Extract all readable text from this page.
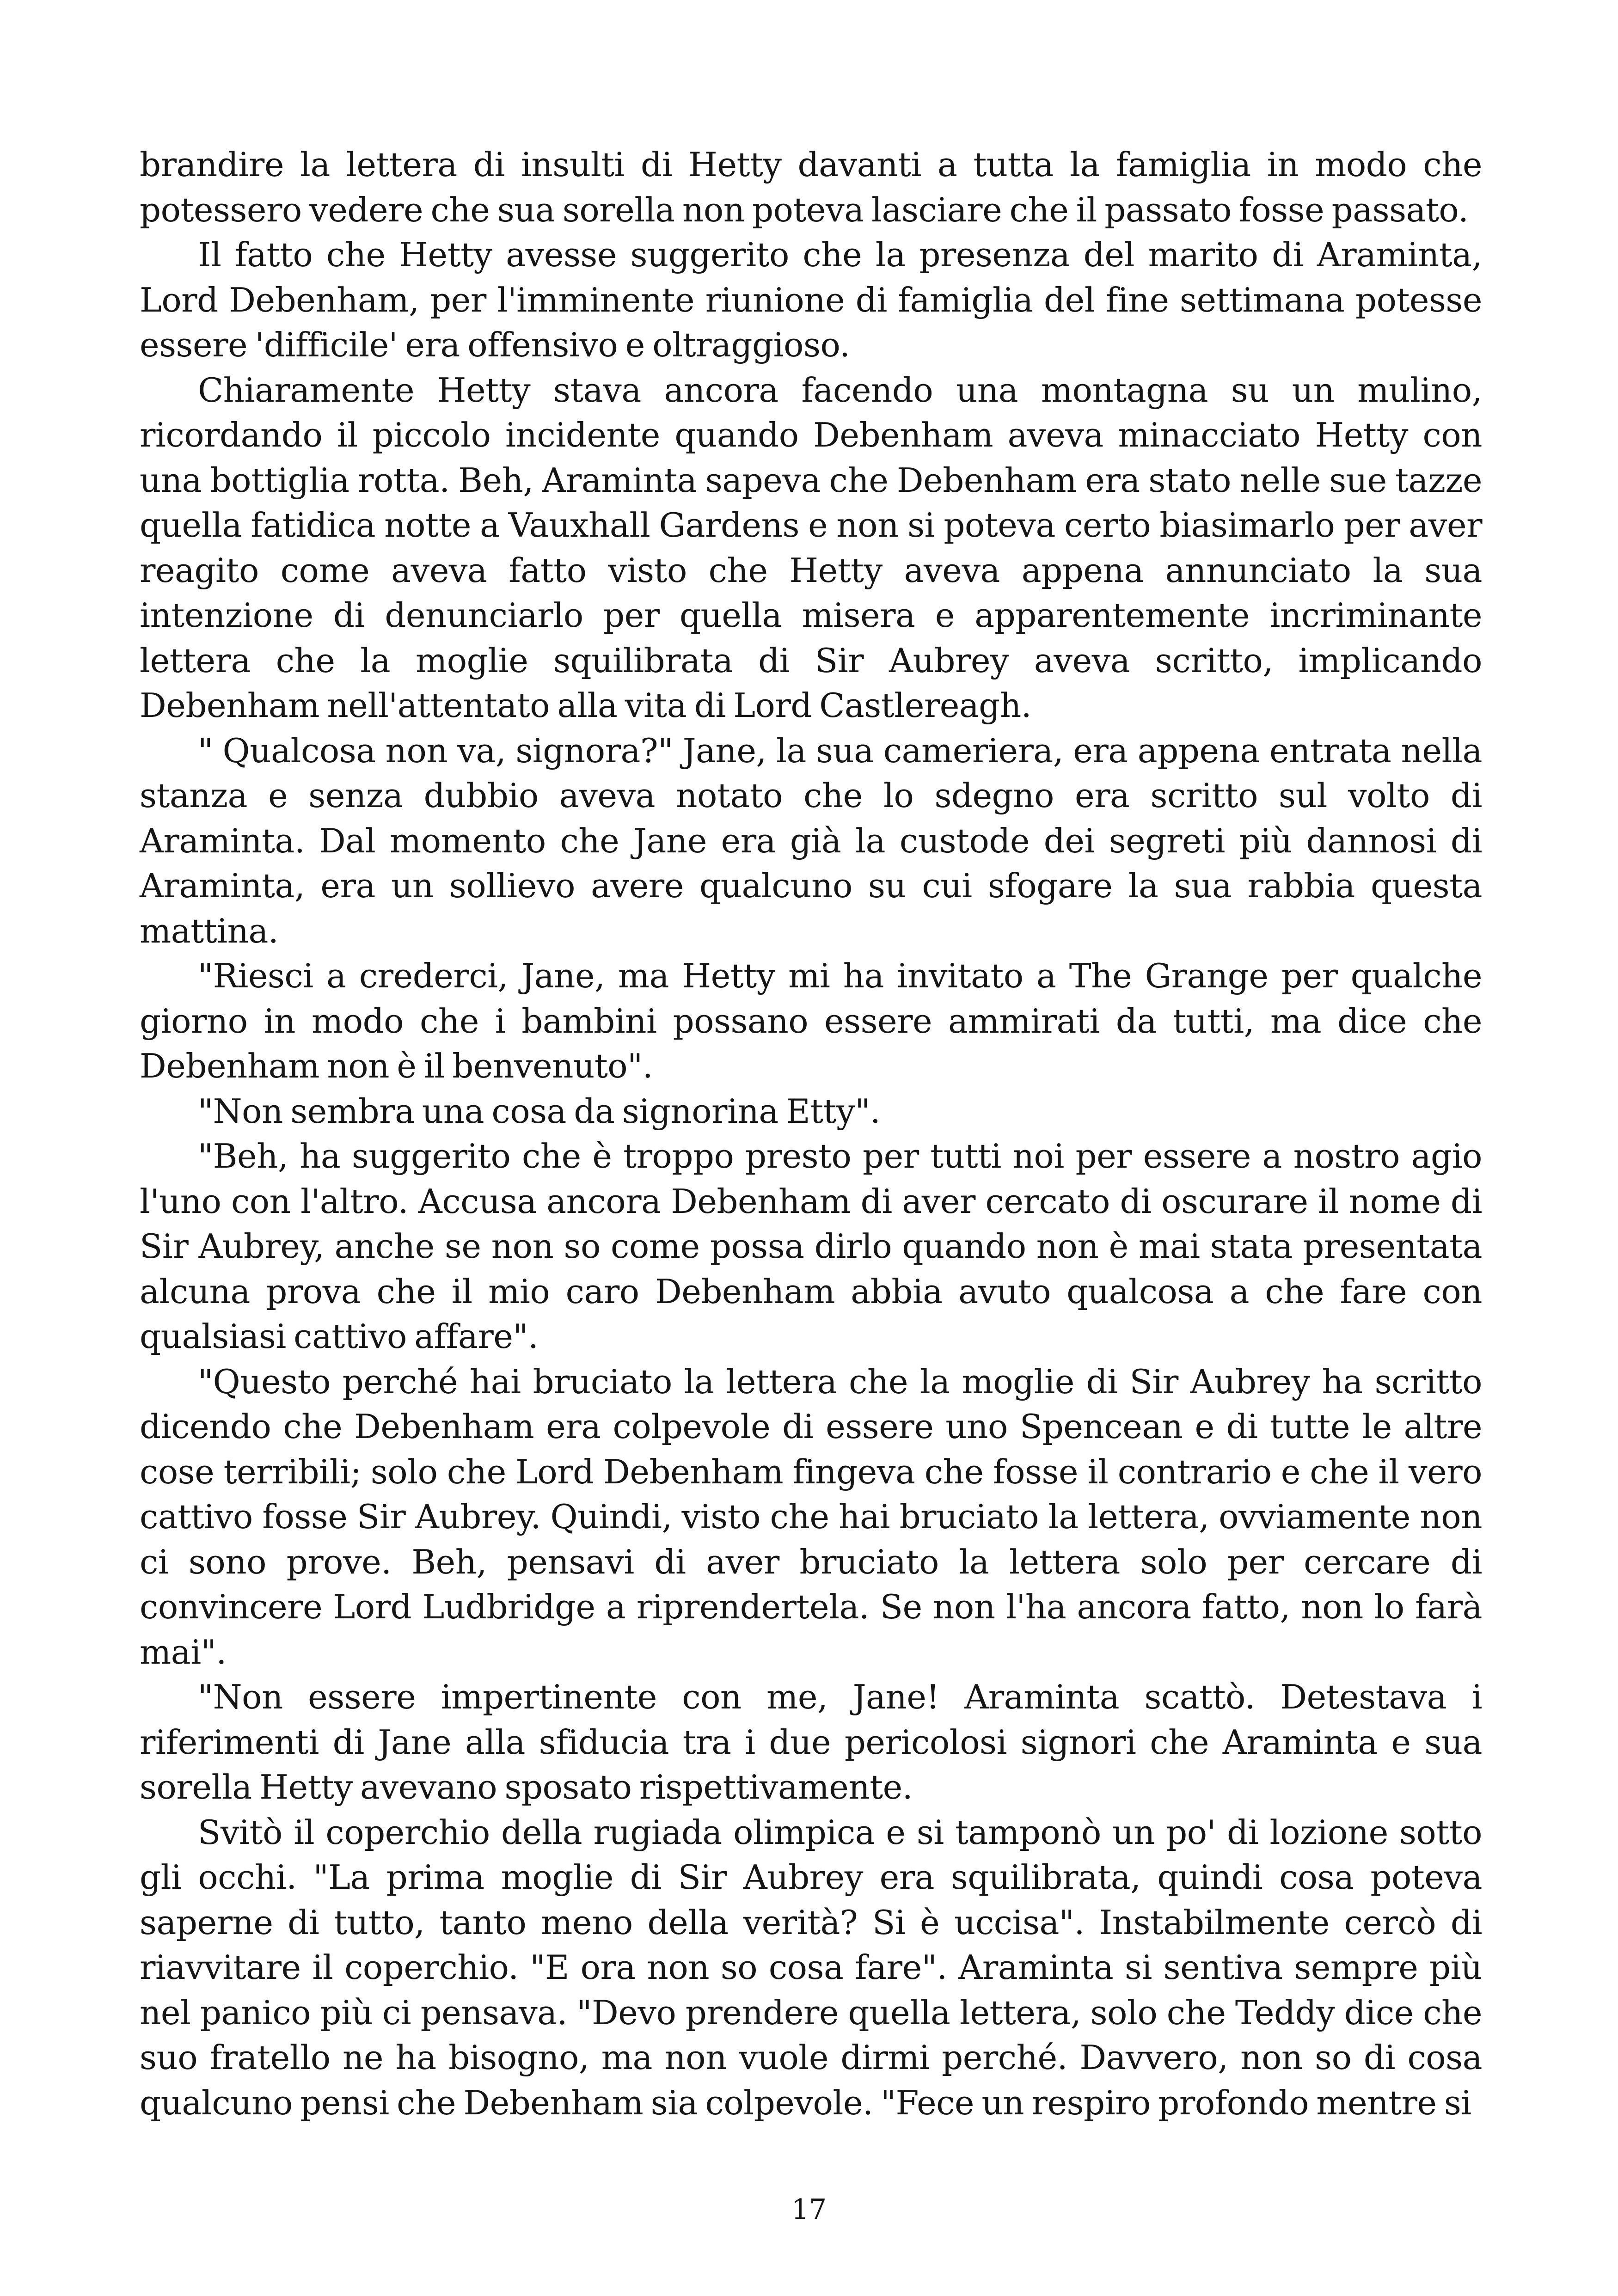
brandire la lettera di insulti di Hetty davanti a tutta la famiglia in modo che potessero vedere che sua sorella non poteva lasciare che il passato fosse passato.

Il fatto che Hetty avesse suggerito che la presenza del marito di Araminta, Lord Debenham, per l'imminente riunione di famiglia del fine settimana potesse essere 'difficile' era offensivo e oltraggioso.

Chiaramente Hetty stava ancora facendo una montagna su un mulino, ricordando il piccolo incidente quando Debenham aveva minacciato Hetty con una bottiglia rotta. Beh, Araminta sapeva che Debenham era stato nelle sue tazze quella fatidica notte a Vauxhall Gardens e non si poteva certo biasimarlo per aver reagito come aveva fatto visto che Hetty aveva appena annunciato la sua intenzione di denunciarlo per quella misera e apparentemente incriminante lettera che la moglie squilibrata di Sir Aubrey aveva scritto, implicando Debenham nell'attentato alla vita di Lord Castlereagh.

" Qualcosa non va, signora?" Jane, la sua cameriera, era appena entrata nella stanza e senza dubbio aveva notato che lo sdegno era scritto sul volto di Araminta. Dal momento che Jane era già la custode dei segreti più dannosi di Araminta, era un sollievo avere qualcuno su cui sfogare la sua rabbia questa mattina.

"Riesci a crederci, Jane, ma Hetty mi ha invitato a The Grange per qualche giorno in modo che i bambini possano essere ammirati da tutti, ma dice che Debenham non è il benvenuto".

"Non sembra una cosa da signorina Etty".

"Beh, ha suggerito che è troppo presto per tutti noi per essere a nostro agio l'uno con l'altro. Accusa ancora Debenham di aver cercato di oscurare il nome di Sir Aubrey, anche se non so come possa dirlo quando non è mai stata presentata alcuna prova che il mio caro Debenham abbia avuto qualcosa a che fare con qualsiasi cattivo affare".

"Questo perché hai bruciato la lettera che la moglie di Sir Aubrey ha scritto dicendo che Debenham era colpevole di essere uno Spencean e di tutte le altre cose terribili; solo che Lord Debenham fingeva che fosse il contrario e che il vero cattivo fosse Sir Aubrey. Quindi, visto che hai bruciato la lettera, ovviamente non ci sono prove. Beh, pensavi di aver bruciato la lettera solo per cercare di convincere Lord Ludbridge a riprendertela. Se non l'ha ancora fatto, non lo farà mai".

"Non essere impertinente con me, Jane! Araminta scattò. Detestava i riferimenti di Jane alla sfiducia tra i due pericolosi signori che Araminta e sua sorella Hetty avevano sposato rispettivamente.

Svitò il coperchio della rugiada olimpica e si tamponò un po' di lozione sotto gli occhi. "La prima moglie di Sir Aubrey era squilibrata, quindi cosa poteva saperne di tutto, tanto meno della verità? Si è uccisa". Instabilmente cercò di riavvitare il coperchio. "E ora non so cosa fare". Araminta si sentiva sempre più nel panico più ci pensava. "Devo prendere quella lettera, solo che Teddy dice che suo fratello ne ha bisogno, ma non vuole dirmi perché. Davvero, non so di cosa qualcuno pensi che Debenham sia colpevole. "Fece un respiro profondo mentre si

17
